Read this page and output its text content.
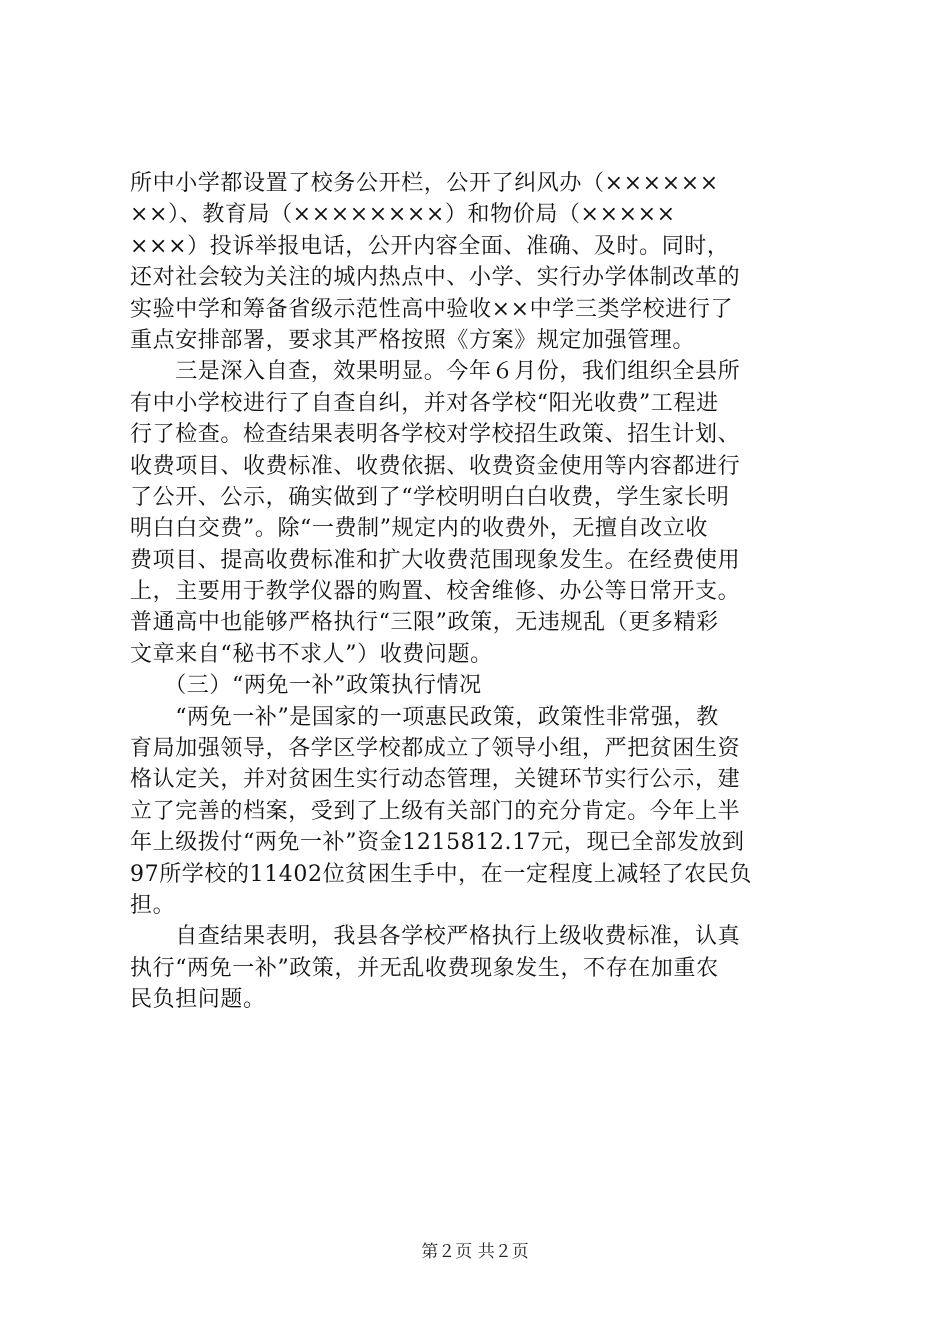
所中小学都设置了校务公开栏，公开了纠风办（××××××
××）、教育局（××××××××）和物价局（×××××
×××）投诉举报电话，公开内容全面、准确、及时。同时，
还对社会较为关注的城内热点中、小学、实行办学体制改革的
实验中学和筹备省级示范性高中验收××中学三类学校进行了
重点安排部署，要求其严格按照《方案》规定加强管理。
　　三是深入自查，效果明显。今年６月份，我们组织全县所
有中小学校进行了自查自纠，并对各学校“阳光收费”工程进
行了检查。检查结果表明各学校对学校招生政策、招生计划、
收费项目、收费标准、收费依据、收费资金使用等内容都进行
了公开、公示，确实做到了“学校明明白白收费，学生家长明
明白白交费”。除“一费制”规定内的收费外，无擅自改立收
费项目、提高收费标准和扩大收费范围现象发生。在经费使用
上，主要用于教学仪器的购置、校舍维修、办公等日常开支。
普通高中也能够严格执行“三限”政策，无违规乱（更多精彩
文章来自“秘书不求人”）收费问题。
　　（三）“两免一补”政策执行情况
　　“两免一补”是国家的一项惠民政策，政策性非常强，教
育局加强领导，各学区学校都成立了领导小组，严把贫困生资
格认定关，并对贫困生实行动态管理，关键环节实行公示，建
立了完善的档案，受到了上级有关部门的充分肯定。今年上半
年上级拨付“两免一补”资金1215812.17元，现已全部发放到
97所学校的11402位贫困生手中，在一定程度上减轻了农民负
担。
　　自查结果表明，我县各学校严格执行上级收费标准，认真
执行“两免一补”政策，并无乱收费现象发生，不存在加重农
民负担问题。
第２页 共２页
